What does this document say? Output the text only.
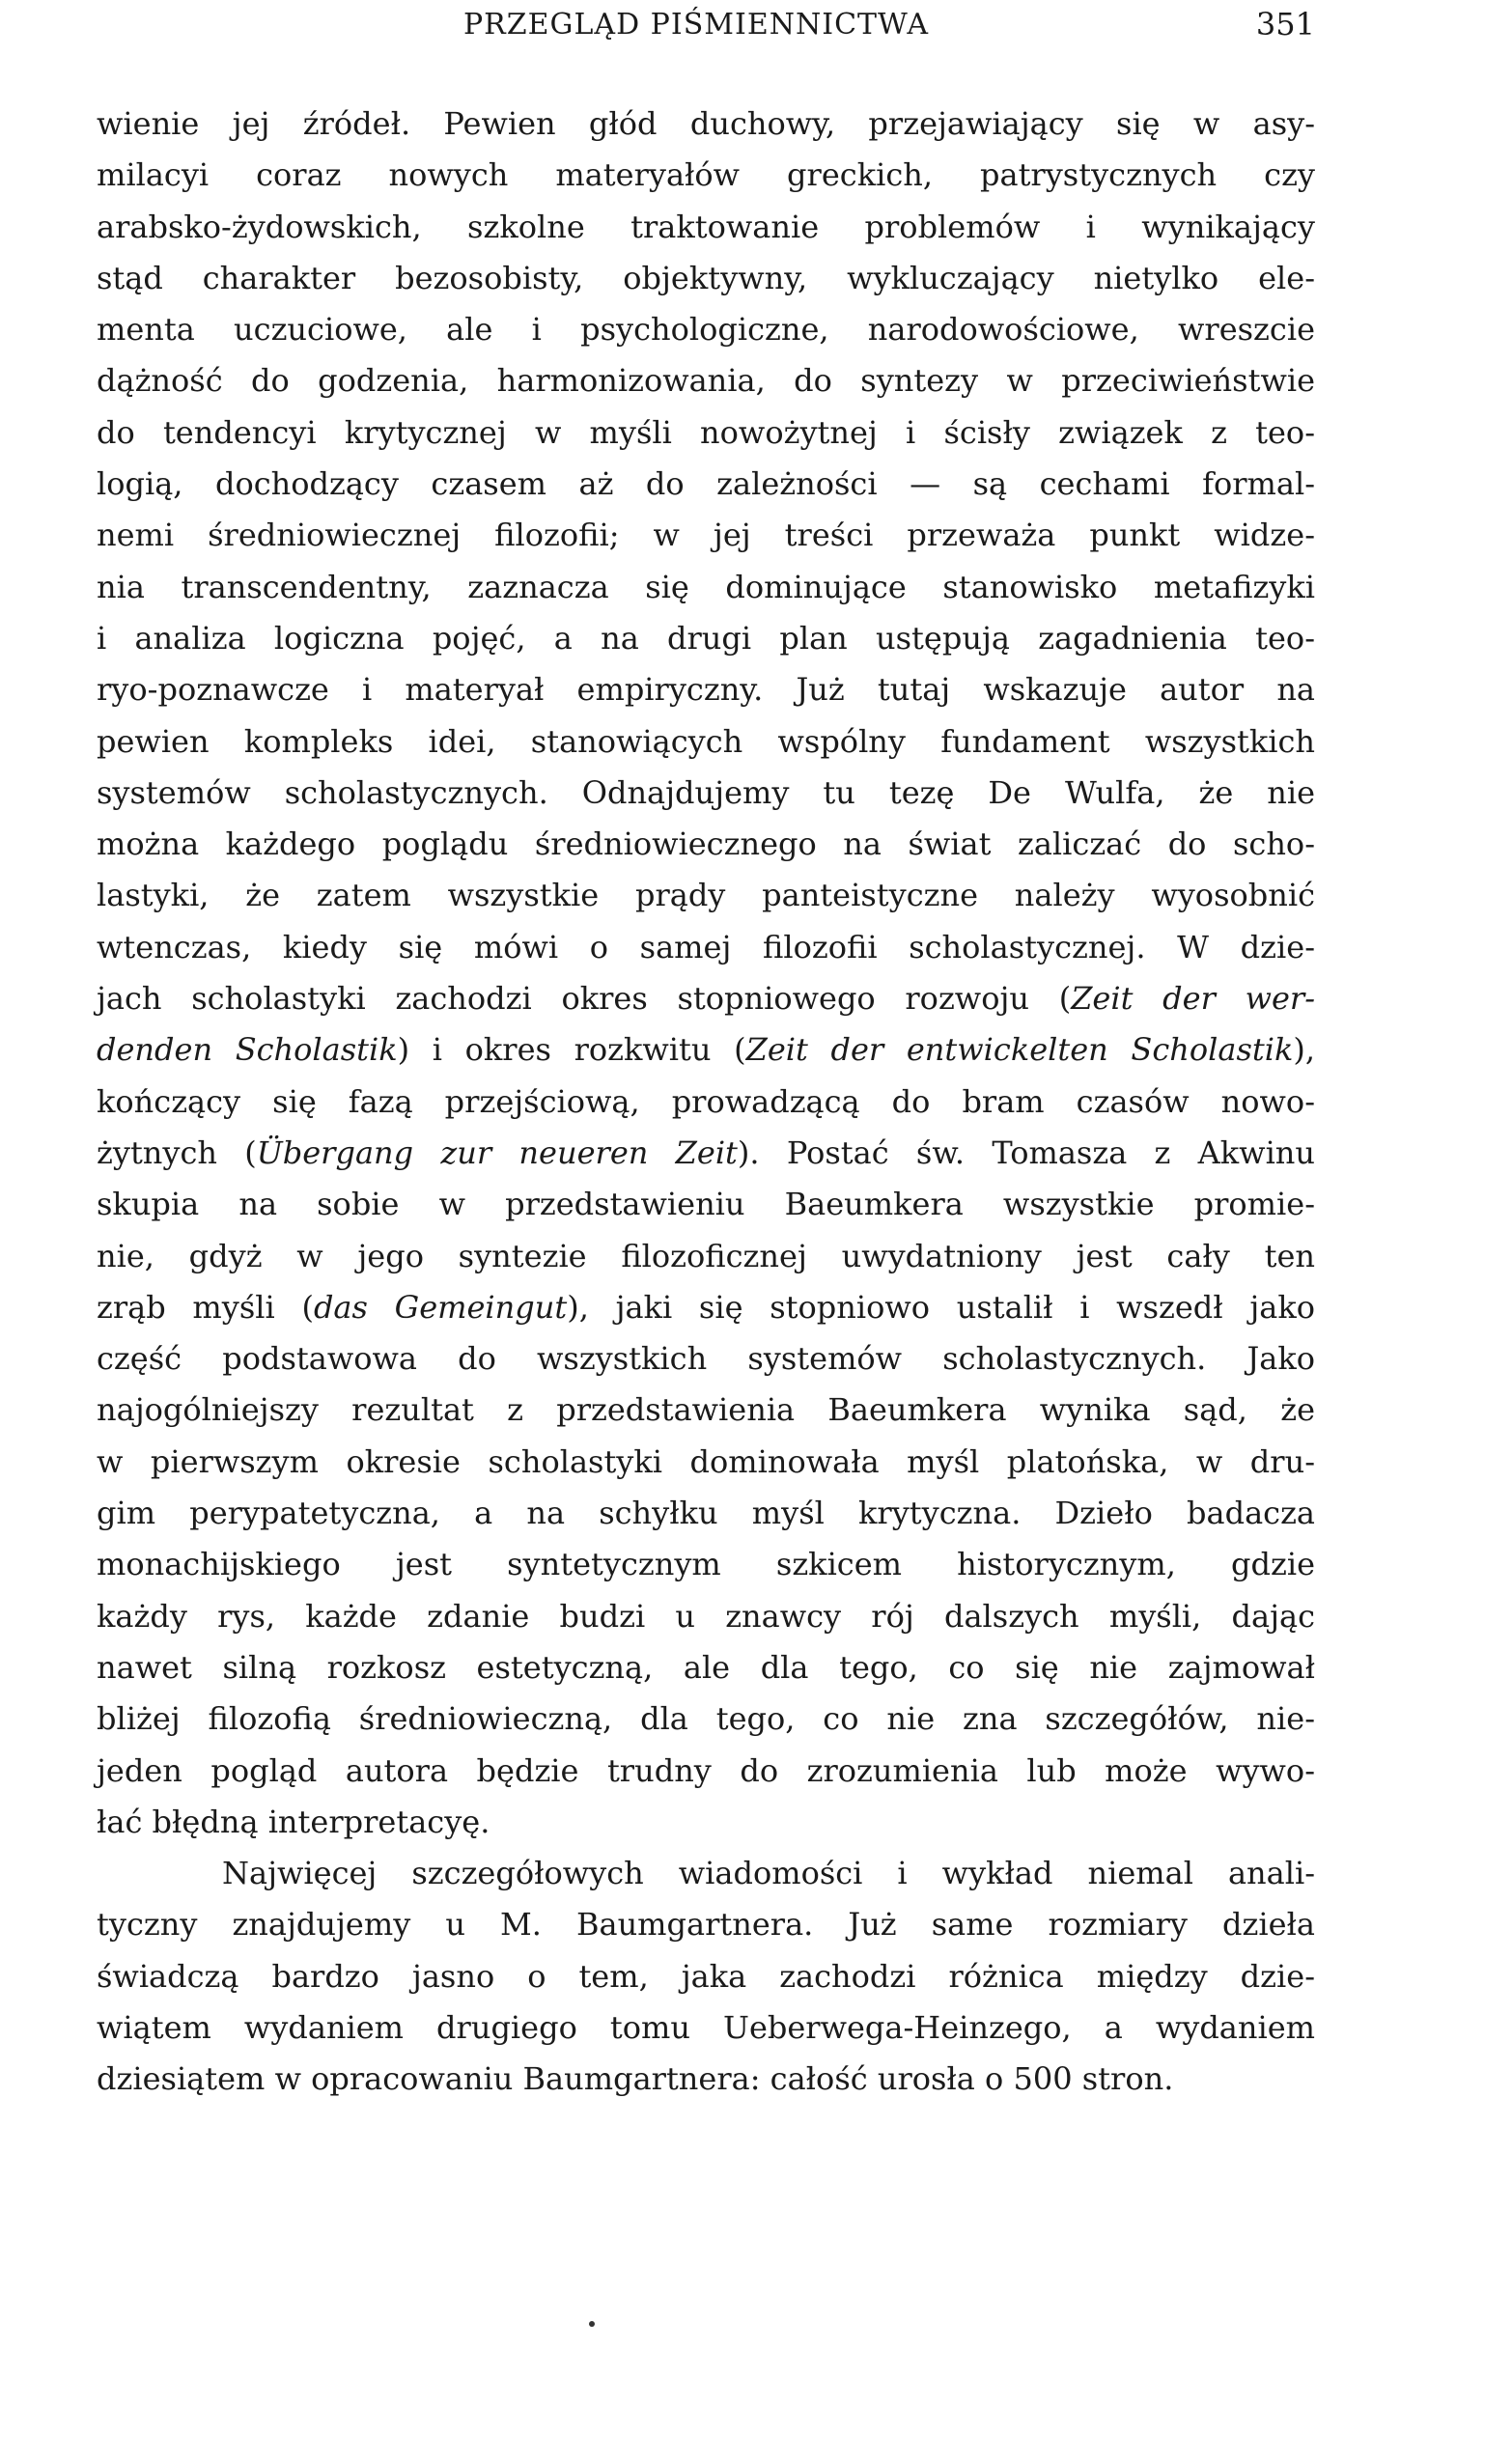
PRZEGLĄD PIŚMIENNICTWA	351
wienie jej źródeł. Pewien głód duchowy, przejawiający się w asy-
milacyi coraz nowych materyałów greckich, patrystycznych czy
arabsko-żydowskich, szkolne traktowanie problemów i wynikający
stąd charakter bezosobisty, objektywny, wykluczający nietylko ele-
menta uczuciowe, ale i psychologiczne, narodowościowe, wreszcie
dążność do godzenia, harmonizowania, do syntezy w przeciwieństwie
do tendencyi krytycznej w myśli nowożytnej i ścisły związek z teo-
logią, dochodzący czasem aż do zależności — są cechami formal-
nemi średniowiecznej filozofii; w jej treści przeważa punkt widze-
nia transcendentny, zaznacza się dominujące stanowisko metafizyki
i analiza logiczna pojęć, a na drugi plan ustępują zagadnienia teo-
ryo-poznawcze i materyał empiryczny. Już tutaj wskazuje autor na
pewien kompleks idei, stanowiących wspólny fundament wszystkich
systemów scholastycznych. Odnajdujemy tu tezę De Wulfa, że nie
można każdego poglądu średniowiecznego na świat zaliczać do scho-
lastyki, że zatem wszystkie prądy panteistyczne należy wyosobnić
wtenczas, kiedy się mówi o samej filozofii scholastycznej. W dzie-
jach scholastyki zachodzi okres stopniowego rozwoju (Zeit der wer-
denden Scholastik) i okres rozkwitu (Zeit der entwickelten Scholastik),
kończący się fazą przejściową, prowadzącą do bram czasów nowo-
żytnych (Übergang zur neueren Zeit). Postać św. Tomasza z Akwinu
skupia na sobie w przedstawieniu Baeumkera wszystkie promie-
nie, gdyż w jego syntezie filozoficznej uwydatniony jest cały ten
zrąb myśli (das Gemeingut), jaki się stopniowo ustalił i wszedł jako
część podstawowa do wszystkich systemów scholastycznych. Jako
najogólniejszy rezultat z przedstawienia Baeumkera wynika sąd, że
w pierwszym okresie scholastyki dominowała myśl platońska, w dru-
gim perypatetyczna, a na schyłku myśl krytyczna. Dzieło badacza
monachijskiego jest syntetycznym szkicem historycznym, gdzie
każdy rys, każde zdanie budzi u znawcy rój dalszych myśli, dając
nawet silną rozkosz estetyczną, ale dla tego, co się nie zajmował
bliżej filozofią średniowieczną, dla tego, co nie zna szczegółów, nie-
jeden pogląd autora będzie trudny do zrozumienia lub może wywo-
łać błędną interpretacyę.
Najwięcej szczegółowych wiadomości i wykład niemal anali-
tyczny znajdujemy u M. Baumgartnera. Już same rozmiary dzieła
świadczą bardzo jasno o tem, jaka zachodzi różnica między dzie-
wiątem wydaniem drugiego tomu Ueberwega-Heinzego, a wydaniem
dziesiątem w opracowaniu Baumgartnera: całość urosła o 500 stron.
